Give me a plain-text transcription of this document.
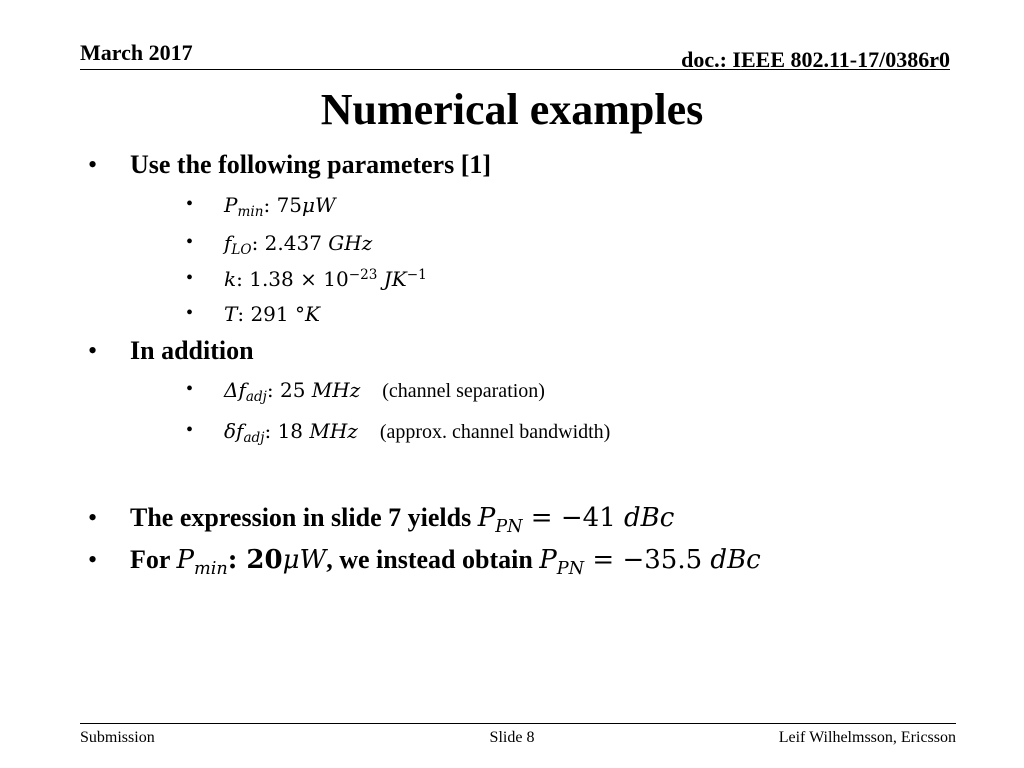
March 2017	doc.: IEEE 802.11-17/0386r0
Numerical examples
• Use the following parameters [1]
• $P_{min}$: 75μW
• $f_{LO}$: 2.437 GHz
• k: $1.38 \times 10^{-23}$ $JK^{-1}$
• T: 291 °K
• In addition
• $\Delta f_{adj}$: 25 MHz (channel separation)
• $\delta f_{adj}$: 18 MHz (approx. channel bandwidth)
• The expression in slide 7 yields $P_{PN} = -41$ dBc
• For $P_{min}$: 20μW, we instead obtain $P_{PN} = -35.5$ dBc
Submission	Slide 8	Leif Wilhelmsson, Ericsson
